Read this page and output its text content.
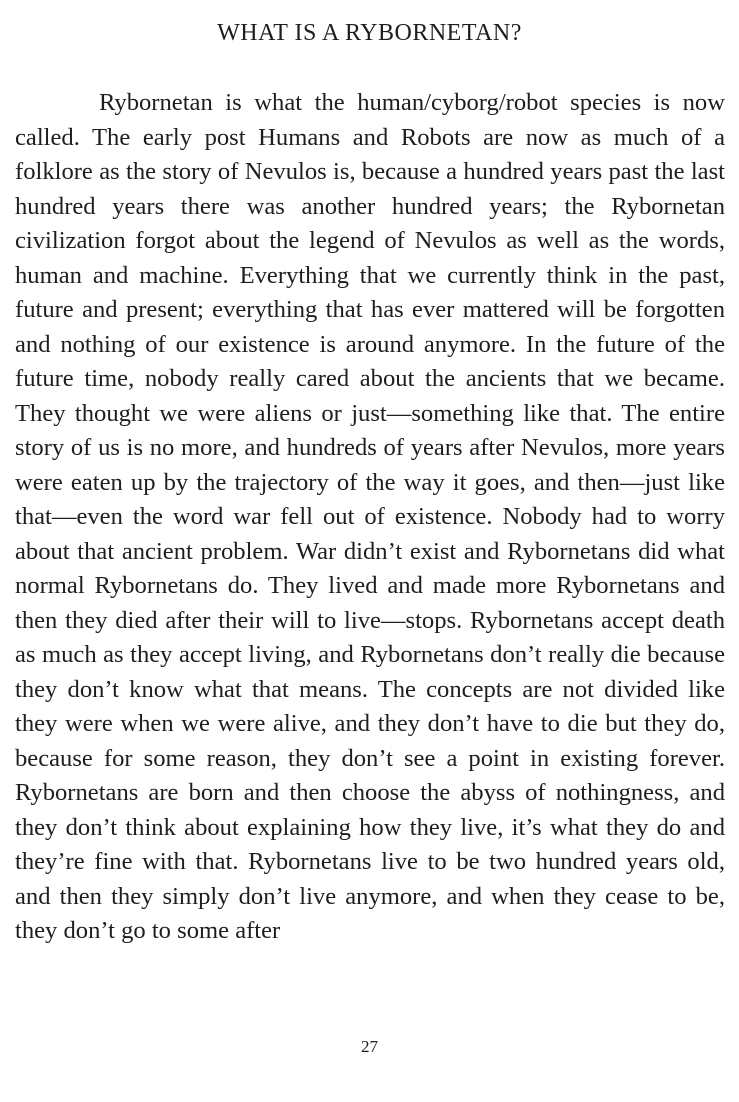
WHAT IS A RYBORNETAN?

Rybornetan is what the human/cyborg/robot species is now called. The early post Humans and Robots are now as much of a folklore as the story of Nevulos is, because a hundred years past the last hundred years there was another hundred years; the Rybornetan civilization forgot about the legend of Nevulos as well as the words, human and machine. Everything that we currently think in the past, future and present; everything that has ever mattered will be forgotten and nothing of our existence is around anymore. In the future of the future time, nobody really cared about the ancients that we became. They thought we were aliens or just—something like that. The entire story of us is no more, and hundreds of years after Nevulos, more years were eaten up by the trajectory of the way it goes, and then—just like that—even the word war fell out of existence. Nobody had to worry about that ancient problem. War didn’t exist and Rybornetans did what normal Rybornetans do. They lived and made more Rybornetans and then they died after their will to live—stops. Rybornetans accept death as much as they accept living, and Rybornetans don’t really die because they don’t know what that means. The concepts are not divided like they were when we were alive, and they don’t have to die but they do, because for some reason, they don’t see a point in existing forever. Rybornetans are born and then choose the abyss of nothingness, and they don’t think about explaining how they live, it’s what they do and they’re fine with that. Rybornetans live to be two hundred years old, and then they simply don’t live anymore, and when they cease to be, they don’t go to some after

27
